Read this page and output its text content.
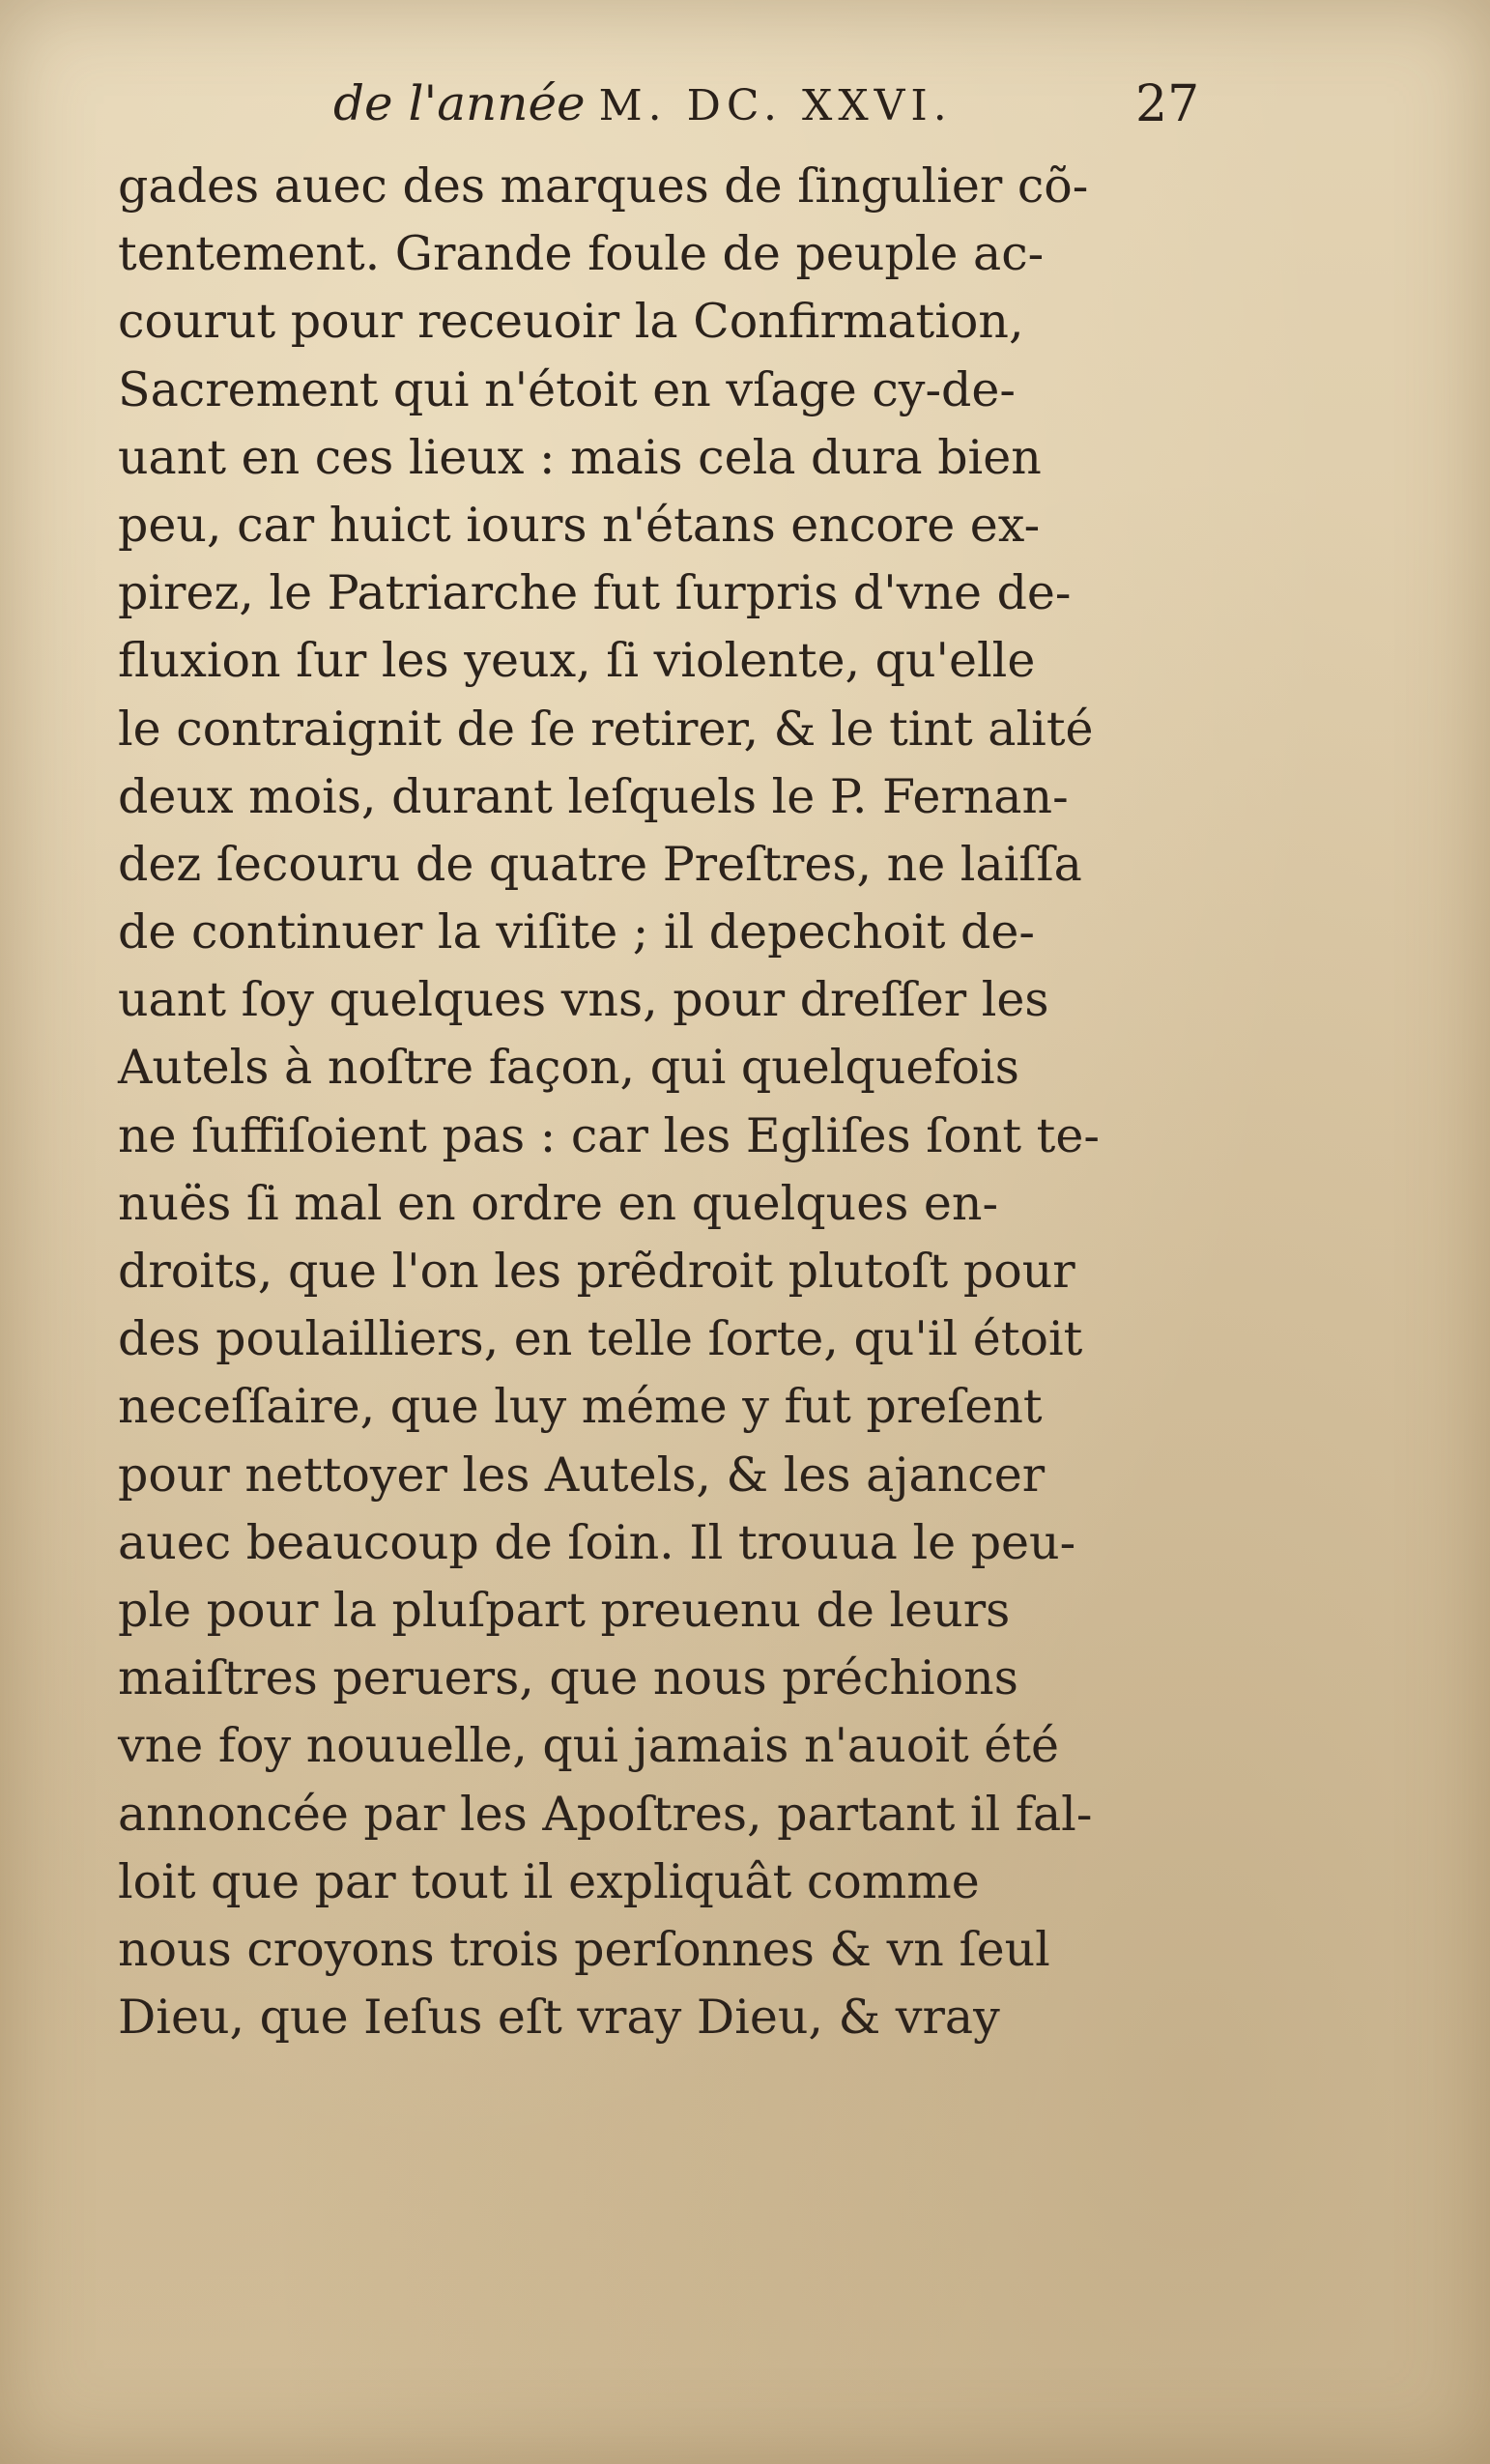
de l'année M. DC. XXVI.	27
gades auec des marques de ſingulier cõ-
tentement. Grande foule de peuple ac-
courut pour receuoir la Confirmation,
Sacrement qui n'étoit en vſage cy-de-
uant en ces lieux : mais cela dura bien
peu, car huict iours n'étans encore ex-
pirez, le Patriarche fut ſurpris d'vne de-
fluxion ſur les yeux, ſi violente, qu'elle
le contraignit de ſe retirer, & le tint alité
deux mois, durant leſquels le P. Fernan-
dez ſecouru de quatre Preſtres, ne laiſſa
de continuer la viſite ; il depechoit de-
uant ſoy quelques vns, pour dreſſer les
Autels à noſtre façon, qui quelquefois
ne ſuffiſoient pas : car les Egliſes ſont te-
nuës ſi mal en ordre en quelques en-
droits, que l'on les prẽdroit plutoſt pour
des poulailliers, en telle ſorte, qu'il étoit
neceſſaire, que luy méme y fut preſent
pour nettoyer les Autels, & les ajancer
auec beaucoup de ſoin. Il trouua le peu-
ple pour la pluſpart preuenu de leurs
maiſtres peruers, que nous préchions
vne foy nouuelle, qui jamais n'auoit été
annoncée par les Apoſtres, partant il fal-
loit que par tout il expliquât comme
nous croyons trois perſonnes & vn ſeul
Dieu, que Ieſus eſt vray Dieu, & vray
